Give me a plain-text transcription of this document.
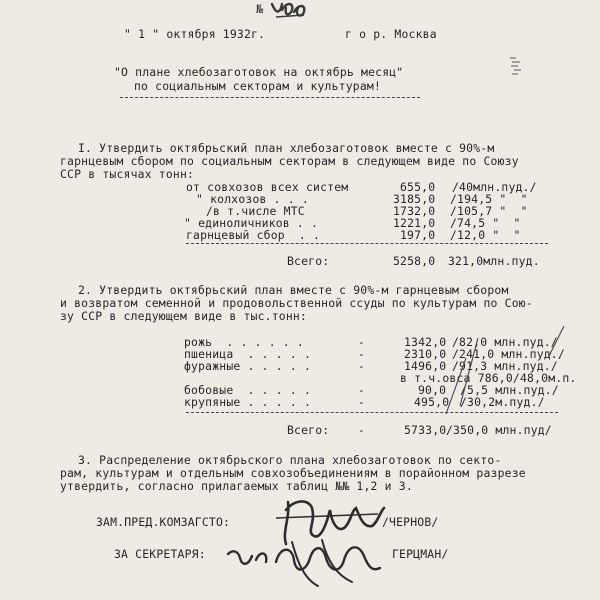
№
" 1 " октября 1932г.	г о р. Москва
"О плане хлебозаготовок на октябрь месяц"
по социальным секторам и культурам!
I. Утвердить октябрьский план хлебозаготовок вместе с 90%-м
гарнцевым сбором по социальным секторам в следующем виде по Союзу
ССР в тысячах тонн:
от совхозов всех систем	655,0 /40млн.пуд./
" колхозов . . .	3185,0 /194,5 "  "
/в т.числе МТС	1732,0 /105,7 "  "
" единоличников . .	1221,0 /74,5 "  "
гарнцевый сбор  . .	197,0 /12,0 "  "
Всего:	5258,0 321,0млн.пуд.
2. Утвердить октябрьский план вместе с 90%-м гарнцевым сбором
и возвратом семенной и продовольственной ссуды по культурам по Сою-
зу ССР в следующем виде в тыс.тонн:
рожь  . . . . . .	-	1342,0 /82,0 млн.пуд./
пшеница  . . . . .	-	2310,0 /241,0 млн.пуд./
фуражные . . . . .	-	1496,0 /91,3 млн.пуд./
в т.ч.овса 786,0/48,0м.п.
бобовые  . . . . .	-	90,0 /5,5 млн.пуд./
крупяные . . . . .	-	495,0 /30,2м.пуд./
Всего:	-	5733,0 /350,0 млн.пуд/
3. Распределение октябрьского плана хлебозаготовок по секто-
рам, культурам и отдельным совхозобъединениям в порайонном разрезе
утвердить, согласно прилагаемых таблиц №№ 1,2 и 3.
ЗАМ.ПРЕД.КОМЗАГСТО:	/ЧЕРНОВ/
ЗА СЕКРЕТАРЯ:	ГЕРЦМАН/
